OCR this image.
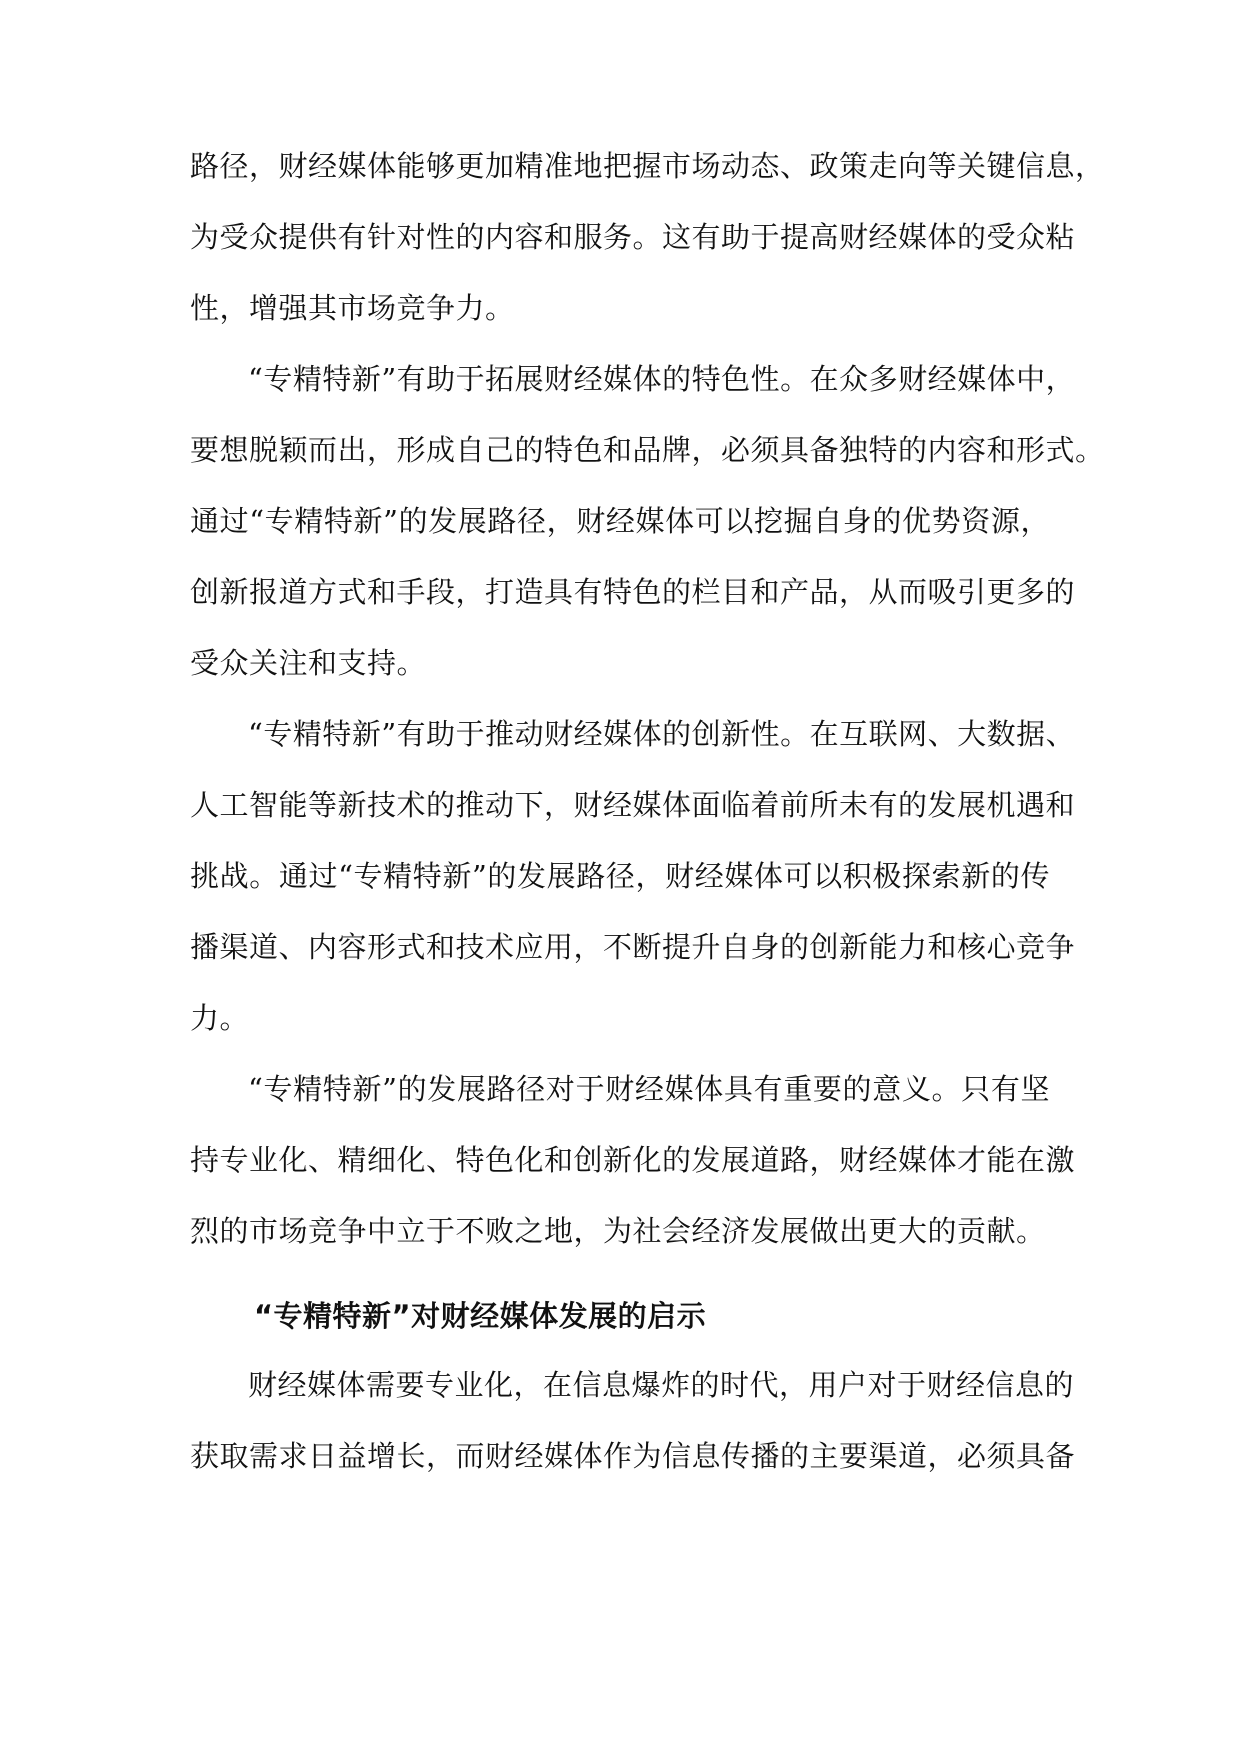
路径，财经媒体能够更加精准地把握市场动态、政策走向等关键信息，
为受众提供有针对性的内容和服务。这有助于提高财经媒体的受众粘
性，增强其市场竞争力。
“专精特新”有助于拓展财经媒体的特色性。在众多财经媒体中，
要想脱颖而出，形成自己的特色和品牌，必须具备独特的内容和形式。
通过“专精特新”的发展路径，财经媒体可以挖掘自身的优势资源，
创新报道方式和手段，打造具有特色的栏目和产品，从而吸引更多的
受众关注和支持。
“专精特新”有助于推动财经媒体的创新性。在互联网、大数据、
人工智能等新技术的推动下，财经媒体面临着前所未有的发展机遇和
挑战。通过“专精特新”的发展路径，财经媒体可以积极探索新的传
播渠道、内容形式和技术应用，不断提升自身的创新能力和核心竞争
力。
“专精特新”的发展路径对于财经媒体具有重要的意义。只有坚
持专业化、精细化、特色化和创新化的发展道路，财经媒体才能在激
烈的市场竞争中立于不败之地，为社会经济发展做出更大的贡献。
“专精特新”对财经媒体发展的启示
财经媒体需要专业化，在信息爆炸的时代，用户对于财经信息的
获取需求日益增长，而财经媒体作为信息传播的主要渠道，必须具备
